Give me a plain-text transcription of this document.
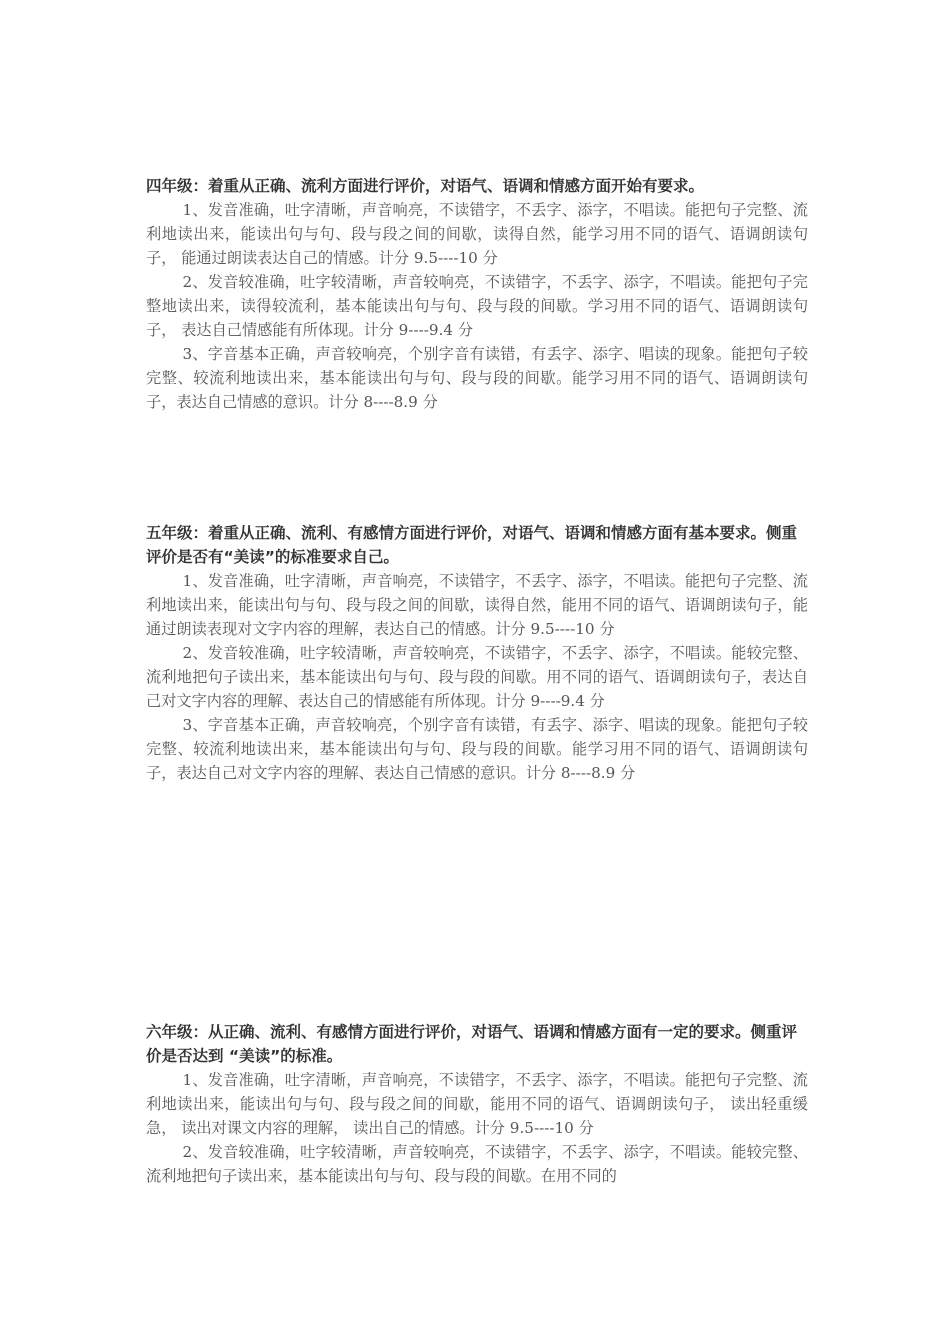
四年级：着重从正确、流利方面进行评价，对语气、语调和情感方面开始有要求。

1、发音准确，吐字清晰，声音响亮，不读错字，不丢字、添字，不唱读。能把句子完整、流利地读出来，能读出句与句、段与段之间的间歇，读得自然，能学习用不同的语气、语调朗读句子， 能通过朗读表达自己的情感。计分 9.5----10 分

2、发音较准确，吐字较清晰，声音较响亮，不读错字，不丢字、添字，不唱读。能把句子完整地读出来，读得较流利，基本能读出句与句、段与段的间歇。学习用不同的语气、语调朗读句子， 表达自己情感能有所体现。计分 9----9.4 分

3、字音基本正确，声音较响亮，个别字音有读错，有丢字、添字、唱读的现象。能把句子较完整、较流利地读出来，基本能读出句与句、段与段的间歇。能学习用不同的语气、语调朗读句子，表达自己情感的意识。计分 8----8.9 分

五年级：着重从正确、流利、有感情方面进行评价，对语气、语调和情感方面有基本要求。侧重评价是否有“美读”的标准要求自己。

1、发音准确，吐字清晰，声音响亮，不读错字，不丢字、添字，不唱读。能把句子完整、流利地读出来，能读出句与句、段与段之间的间歇，读得自然，能用不同的语气、语调朗读句子，能通过朗读表现对文字内容的理解，表达自己的情感。计分 9.5----10 分

2、发音较准确，吐字较清晰，声音较响亮，不读错字，不丢字、添字，不唱读。能较完整、流利地把句子读出来，基本能读出句与句、段与段的间歇。用不同的语气、语调朗读句子，表达自己对文字内容的理解、表达自己的情感能有所体现。计分 9----9.4 分

3、字音基本正确，声音较响亮，个别字音有读错，有丢字、添字、唱读的现象。能把句子较完整、较流利地读出来，基本能读出句与句、段与段的间歇。能学习用不同的语气、语调朗读句子，表达自己对文字内容的理解、表达自己情感的意识。计分 8----8.9 分

六年级：从正确、流利、有感情方面进行评价，对语气、语调和情感方面有一定的要求。侧重评价是否达到 “美读”的标准。

1、发音准确，吐字清晰，声音响亮，不读错字，不丢字、添字，不唱读。能把句子完整、流利地读出来，能读出句与句、段与段之间的间歇，能用不同的语气、语调朗读句子， 读出轻重缓急， 读出对课文内容的理解， 读出自己的情感。计分 9.5----10 分

2、发音较准确，吐字较清晰，声音较响亮，不读错字，不丢字、添字，不唱读。能较完整、流利地把句子读出来，基本能读出句与句、段与段的间歇。在用不同的
